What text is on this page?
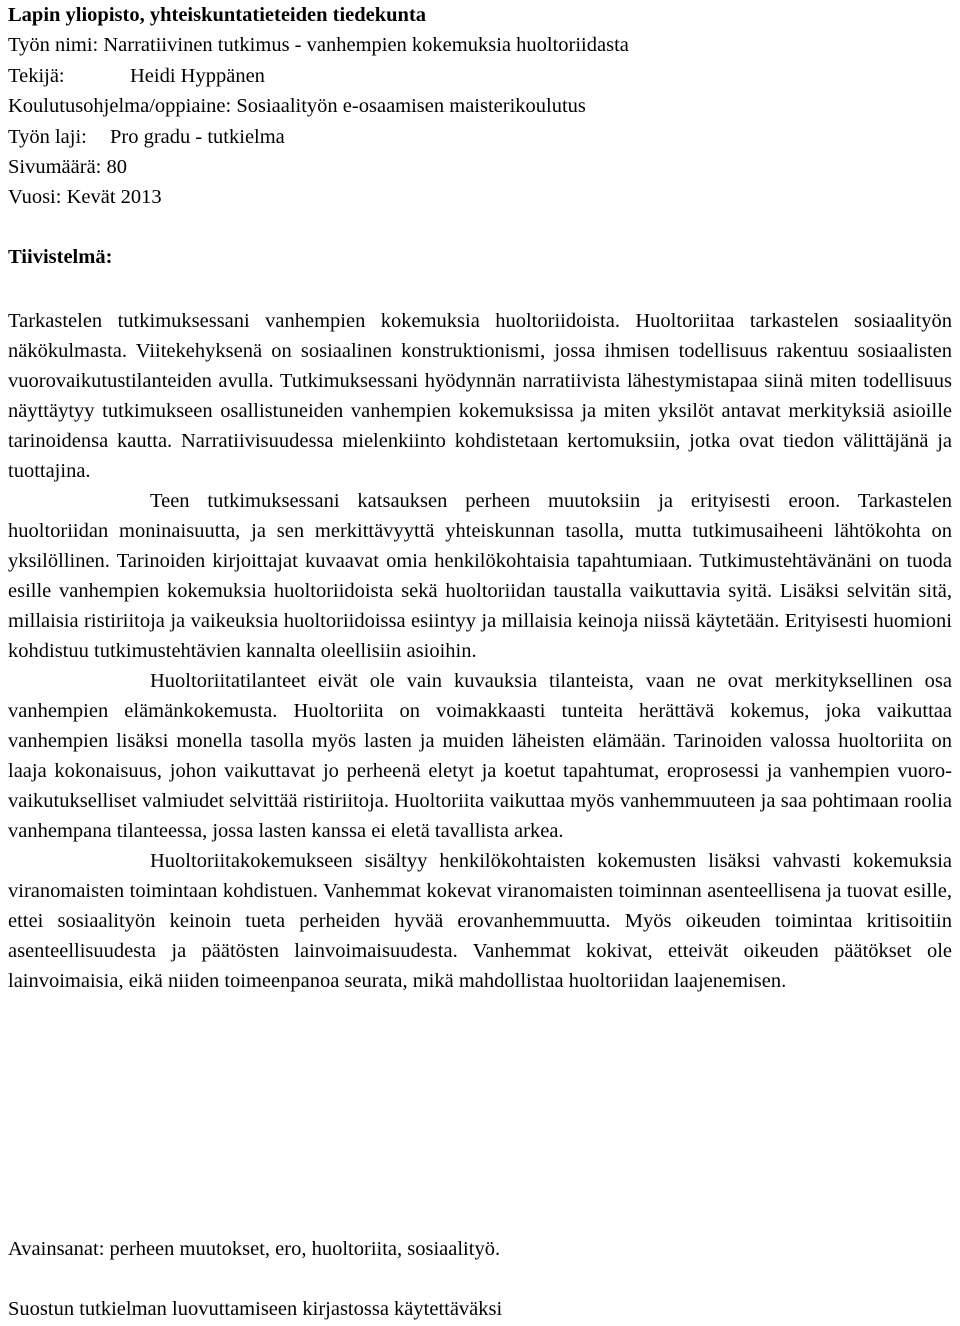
Lapin yliopisto, yhteiskuntatieteiden tiedekunta
Työn nimi: Narratiivinen tutkimus - vanhempien kokemuksia huoltoriidasta
Tekijä:	Heidi Hyppänen
Koulutusohjelma/oppiaine: Sosiaalityön e-osaamisen maisterikoulutus
Työn laji: Pro gradu - tutkielma
Sivumäärä: 80
Vuosi: Kevät 2013
Tiivistelmä:

Tarkastelen tutkimuksessani vanhempien kokemuksia huoltoriidoista. Huoltoriitaa tarkastelen sosiaalityön näkökulmasta. Viitekehyksenä on sosiaalinen konstruktionismi, jossa ihmisen todellisuus rakentuu sosiaalisten vuorovaikutustilanteiden avulla. Tutkimuksessani hyödynnän narratiivista lähestymistapaa siinä miten todellisuus näyttäytyy tutkimukseen osallistuneiden vanhempien kokemuksissa ja miten yksilöt antavat merkityksiä asioille tarinoidensa kautta. Narratiivisuudessa mielenkiinto kohdistetaan kertomuksiin, jotka ovat tiedon välittäjänä ja tuottajina.

Teen tutkimuksessani katsauksen perheen muutoksiin ja erityisesti eroon. Tarkastelen huoltoriidan moninaisuutta, ja sen merkittävyyttä yhteiskunnan tasolla, mutta tutkimusaiheeni lähtökohta on yksilöllinen. Tarinoiden kirjoittajat kuvaavat omia henkilökohtaisia tapahtumiaan. Tutkimustehtävänäni on tuoda esille vanhempien kokemuksia huoltoriidoista sekä huoltoriidan taustalla vaikuttavia syitä. Lisäksi selvitän sitä, millaisia ristiriitoja ja vaikeuksia huoltoriidoissa esiintyy ja millaisia keinoja niissä käytetään. Erityisesti huomioni kohdistuu tutkimustehtävien kannalta oleellisiin asioihin.

Huoltoriitatilanteet eivät ole vain kuvauksia tilanteista, vaan ne ovat merkityksellinen osa vanhempien elämänkokemusta. Huoltoriita on voimakkaasti tunteita herättävä kokemus, joka vaikuttaa vanhempien lisäksi monella tasolla myös lasten ja muiden läheisten elämään. Tarinoiden valossa huoltoriita on laaja kokonaisuus, johon vaikuttavat jo perheenä eletyt ja koetut tapahtumat, eroprosessi ja vanhempien vuorovaikutukselliset valmiudet selvittää ristiriitoja. Huoltoriita vaikuttaa myös vanhemmuuteen ja saa pohtimaan roolia vanhempana tilanteessa, jossa lasten kanssa ei eletä tavallista arkea.

Huoltoriitakokemukseen sisältyy henkilökohtaisten kokemusten lisäksi vahvasti kokemuksia viranomaisten toimintaan kohdistuen. Vanhemmat kokevat viranomaisten toiminnan asenteellisena ja tuovat esille, ettei sosiaalityön keinoin tueta perheiden hyvää erovanhemmuutta. Myös oikeuden toimintaa kritisoitiin asenteellisuudesta ja päätösten lainvoimaisuudesta. Vanhemmat kokivat, etteivät oikeuden päätökset ole lainvoimaisia, eikä niiden toimeenpanoa seurata, mikä mahdollistaa huoltoriidan laajenemisen.

Avainsanat: perheen muutokset, ero, huoltoriita, sosiaalityö.
Suostun tutkielman luovuttamiseen kirjastossa käytettäväksi
